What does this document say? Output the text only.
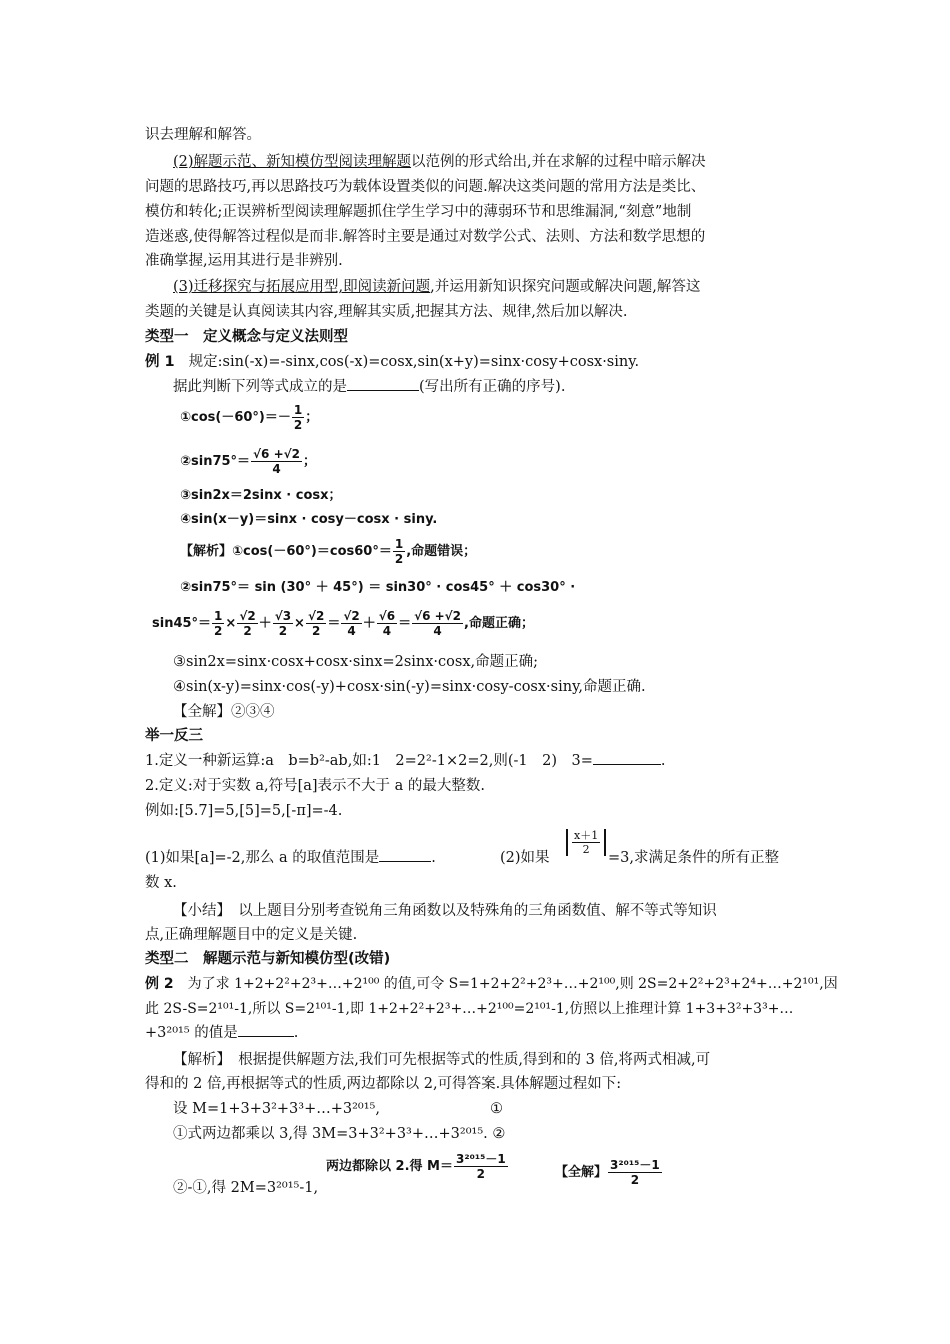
识去理解和解答。
(2)解题示范、新知模仿型阅读理解题以范例的形式给出,并在求解的过程中暗示解决
问题的思路技巧,再以思路技巧为载体设置类似的问题.解决这类问题的常用方法是类比、
模仿和转化;正误辨析型阅读理解题抓住学生学习中的薄弱环节和思维漏洞,“刻意”地制
造迷惑,使得解答过程似是而非.解答时主要是通过对数学公式、法则、方法和数学思想的
准确掌握,运用其进行是非辨别.
(3)迁移探究与拓展应用型,即阅读新问题,并运用新知识探究问题或解决问题,解答这
类题的关键是认真阅读其内容,理解其实质,把握其方法、规律,然后加以解决.
类型一　定义概念与定义法则型
例 1 规定:sin(-x)=-sinx,cos(-x)=cosx,sin(x+y)=sinx·cosy+cosx·siny.
据此判断下列等式成立的是	(写出所有正确的序号).
①cos(－60°)＝－ $\frac{1}{2}$ ；
②sin75°＝ $\frac{√6 +√2}{4}$ ；
③sin2x＝2sinx · cosx；
④sin(x－y)＝sinx · cosy－cosx · siny.
【解析】①cos(－60°)＝cos60°＝ $\frac{1}{2}$ ,命题错误；
②sin75°＝ sin (30° ＋ 45°) ＝ sin30° · cos45° ＋ cos30° ·
$\sin 45^\circ= \frac{1}{2} \times \frac{√2}{2} + \frac{√3}{2} \times \frac{√2}{2} = \frac{√2}{4} + \frac{√6}{4} = \frac{√6 +√2}{4}$ ,命题正确；
③sin2x=sinx·cosx+cosx·sinx=2sinx·cosx,命题正确;
④sin(x-y)=sinx·cos(-y)+cosx·sin(-y)=sinx·cosy-cosx·siny,命题正确.
【全解】②③④
举一反三
1.定义一种新运算:a　b=b²-ab,如:1　2=2²-1×2=2,则(-1　2)　3=	.
2.定义:对于实数 a,符号[a]表示不大于 a 的最大整数.
例如:[5.7]=5,[5]=5,[-π]=-4.
(1)如果[a]=-2,那么 a 的取值范围是	.	(2)如果
$\frac{x+1}{2}$
=3,求满足条件的所有正整
数 x.
【小结】　以上题目分别考查锐角三角函数以及特殊角的三角函数值、解不等式等知识
点,正确理解题目中的定义是关键.
类型二　解题示范与新知模仿型(改错)
例 2 为了求 1+2+2²+2³+…+2¹⁰⁰ 的值,可令 S=1+2+2²+2³+…+2¹⁰⁰,则 2S=2+2²+2³+2⁴+…+2¹⁰¹,因
此 2S-S=2¹⁰¹-1,所以 S=2¹⁰¹-1,即 1+2+2²+2³+…+2¹⁰⁰=2¹⁰¹-1,仿照以上推理计算 1+3+3²+3³+…
+3²⁰¹⁵ 的值是	.
【解析】　根据提供解题方法,我们可先根据等式的性质,得到和的 3 倍,将两式相减,可
得和的 2 倍,再根据等式的性质,两边都除以 2,可得答案.具体解题过程如下:
设 M=1+3+3²+3³+…+3²⁰¹⁵,	①
①式两边都乘以 3,得 3M=3+3²+3³+…+3²⁰¹⁵. ②
两边都除以 2.得 $M= \frac{\text{3²⁰¹⁵－1}}{2}$	【全解】 $\frac{\text{3²⁰¹⁵－1}}{2}$
②-①,得 2M=3²⁰¹⁵-1,
